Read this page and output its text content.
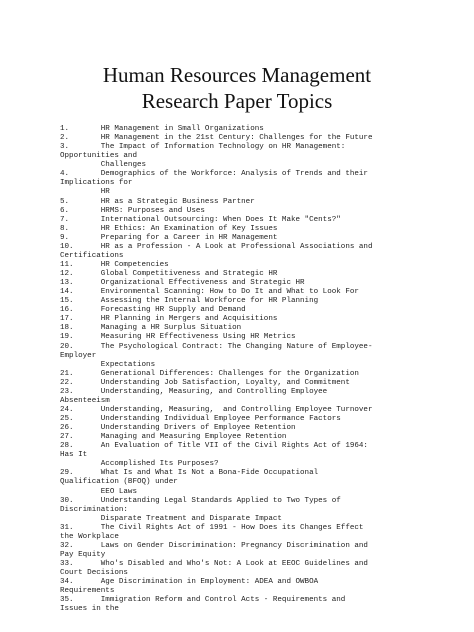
Human Resources Management
Research Paper Topics
1.       HR Management in Small Organizations
2.       HR Management in the 21st Century: Challenges for the Future
3.       The Impact of Information Technology on HR Management:
Opportunities and
Challenges
4.       Demographics of the Workforce: Analysis of Trends and their
Implications for
HR
5.       HR as a Strategic Business Partner
6.       HRMS: Purposes and Uses
7.       International Outsourcing: When Does It Make "Cents?"
8.       HR Ethics: An Examination of Key Issues
9.       Preparing for a Career in HR Management
10.      HR as a Profession - A Look at Professional Associations and
Certifications
11.      HR Competencies
12.      Global Competitiveness and Strategic HR
13.      Organizational Effectiveness and Strategic HR
14.      Environmental Scanning: How to Do It and What to Look For
15.      Assessing the Internal Workforce for HR Planning
16.      Forecasting HR Supply and Demand
17.      HR Planning in Mergers and Acquisitions
18.      Managing a HR Surplus Situation
19.      Measuring HR Effectiveness Using HR Metrics
20.      The Psychological Contract: The Changing Nature of Employee-
Employer
Expectations
21.      Generational Differences: Challenges for the Organization
22.      Understanding Job Satisfaction, Loyalty, and Commitment
23.      Understanding, Measuring, and Controlling Employee
Absenteeism
24.      Understanding, Measuring,  and Controlling Employee Turnover
25.      Understanding Individual Employee Performance Factors
26.      Understanding Drivers of Employee Retention
27.      Managing and Measuring Employee Retention
28.      An Evaluation of Title VII of the Civil Rights Act of 1964:
Has It
Accomplished Its Purposes?
29.      What Is and What Is Not a Bona-Fide Occupational
Qualification (BFOQ) under
EEO Laws
30.      Understanding Legal Standards Applied to Two Types of
Discrimination:
Disparate Treatment and Disparate Impact
31.      The Civil Rights Act of 1991 - How Does its Changes Effect
the Workplace
32.      Laws on Gender Discrimination: Pregnancy Discrimination and
Pay Equity
33.      Who's Disabled and Who's Not: A Look at EEOC Guidelines and
Court Decisions
34.      Age Discrimination in Employment: ADEA and OWBOA
Requirements
35.      Immigration Reform and Control Acts - Requirements and
Issues in the
